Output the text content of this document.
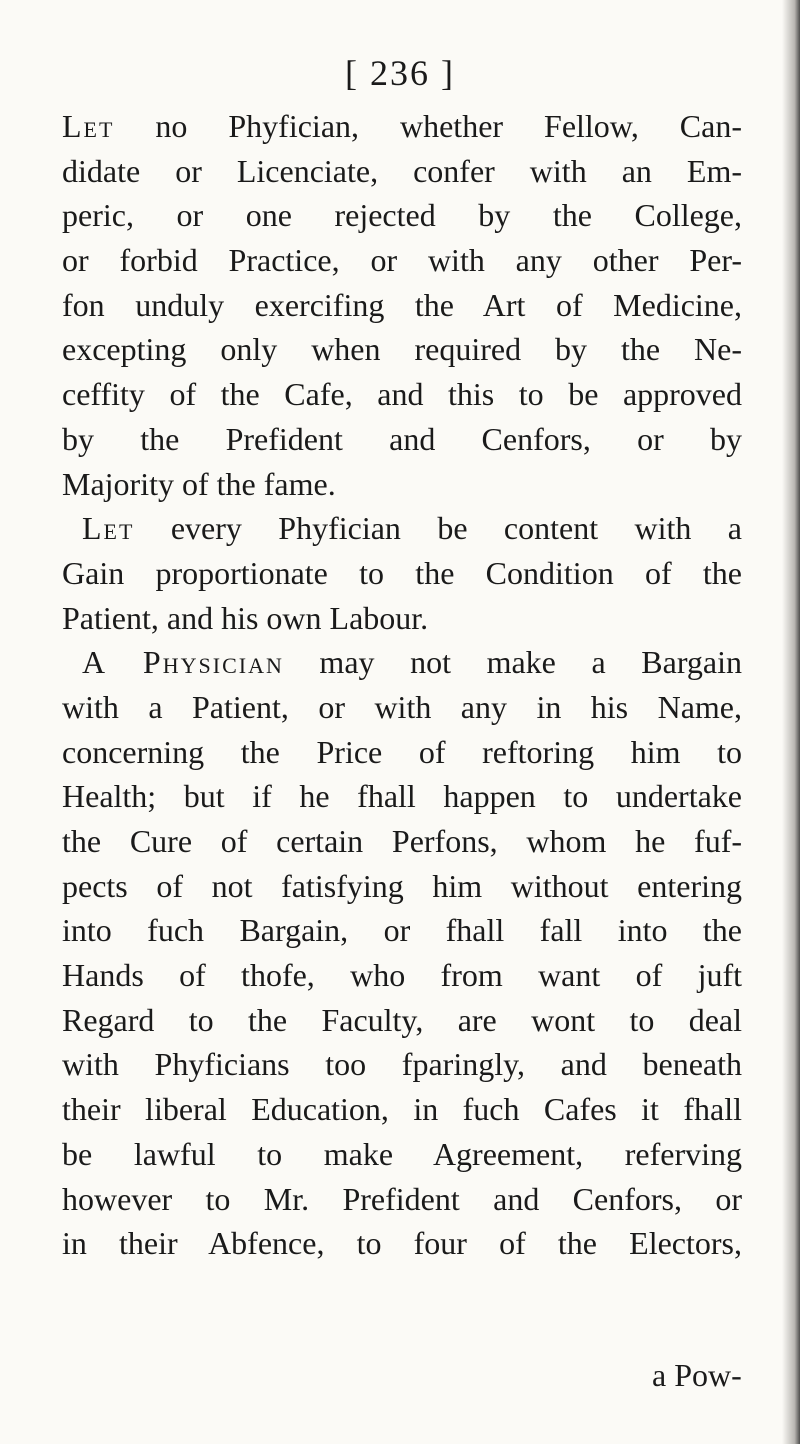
[ 236 ]
Let no Phyfician, whether Fellow, Can-
didate or Licenciate, confer with an Em-
peric, or one rejected by the College,
or forbid Practice, or with any other Per-
fon unduly exercifing the Art of Medicine,
excepting only when required by the Ne-
ceffity of the Cafe, and this to be approved
by the Prefident and Cenfors, or by
Majority of the fame.
Let every Phyfician be content with a
Gain proportionate to the Condition of the
Patient, and his own Labour.
A Physician may not make a Bargain
with a Patient, or with any in his Name,
concerning the Price of reftoring him to
Health; but if he fhall happen to undertake
the Cure of certain Perfons, whom he fuf-
pects of not fatisfying him without entering
into fuch Bargain, or fhall fall into the
Hands of thofe, who from want of juft
Regard to the Faculty, are wont to deal
with Phyficians too fparingly, and beneath
their liberal Education, in fuch Cafes it fhall
be lawful to make Agreement, referving
however to Mr. Prefident and Cenfors, or
in their Abfence, to four of the Electors,
a Pow-
